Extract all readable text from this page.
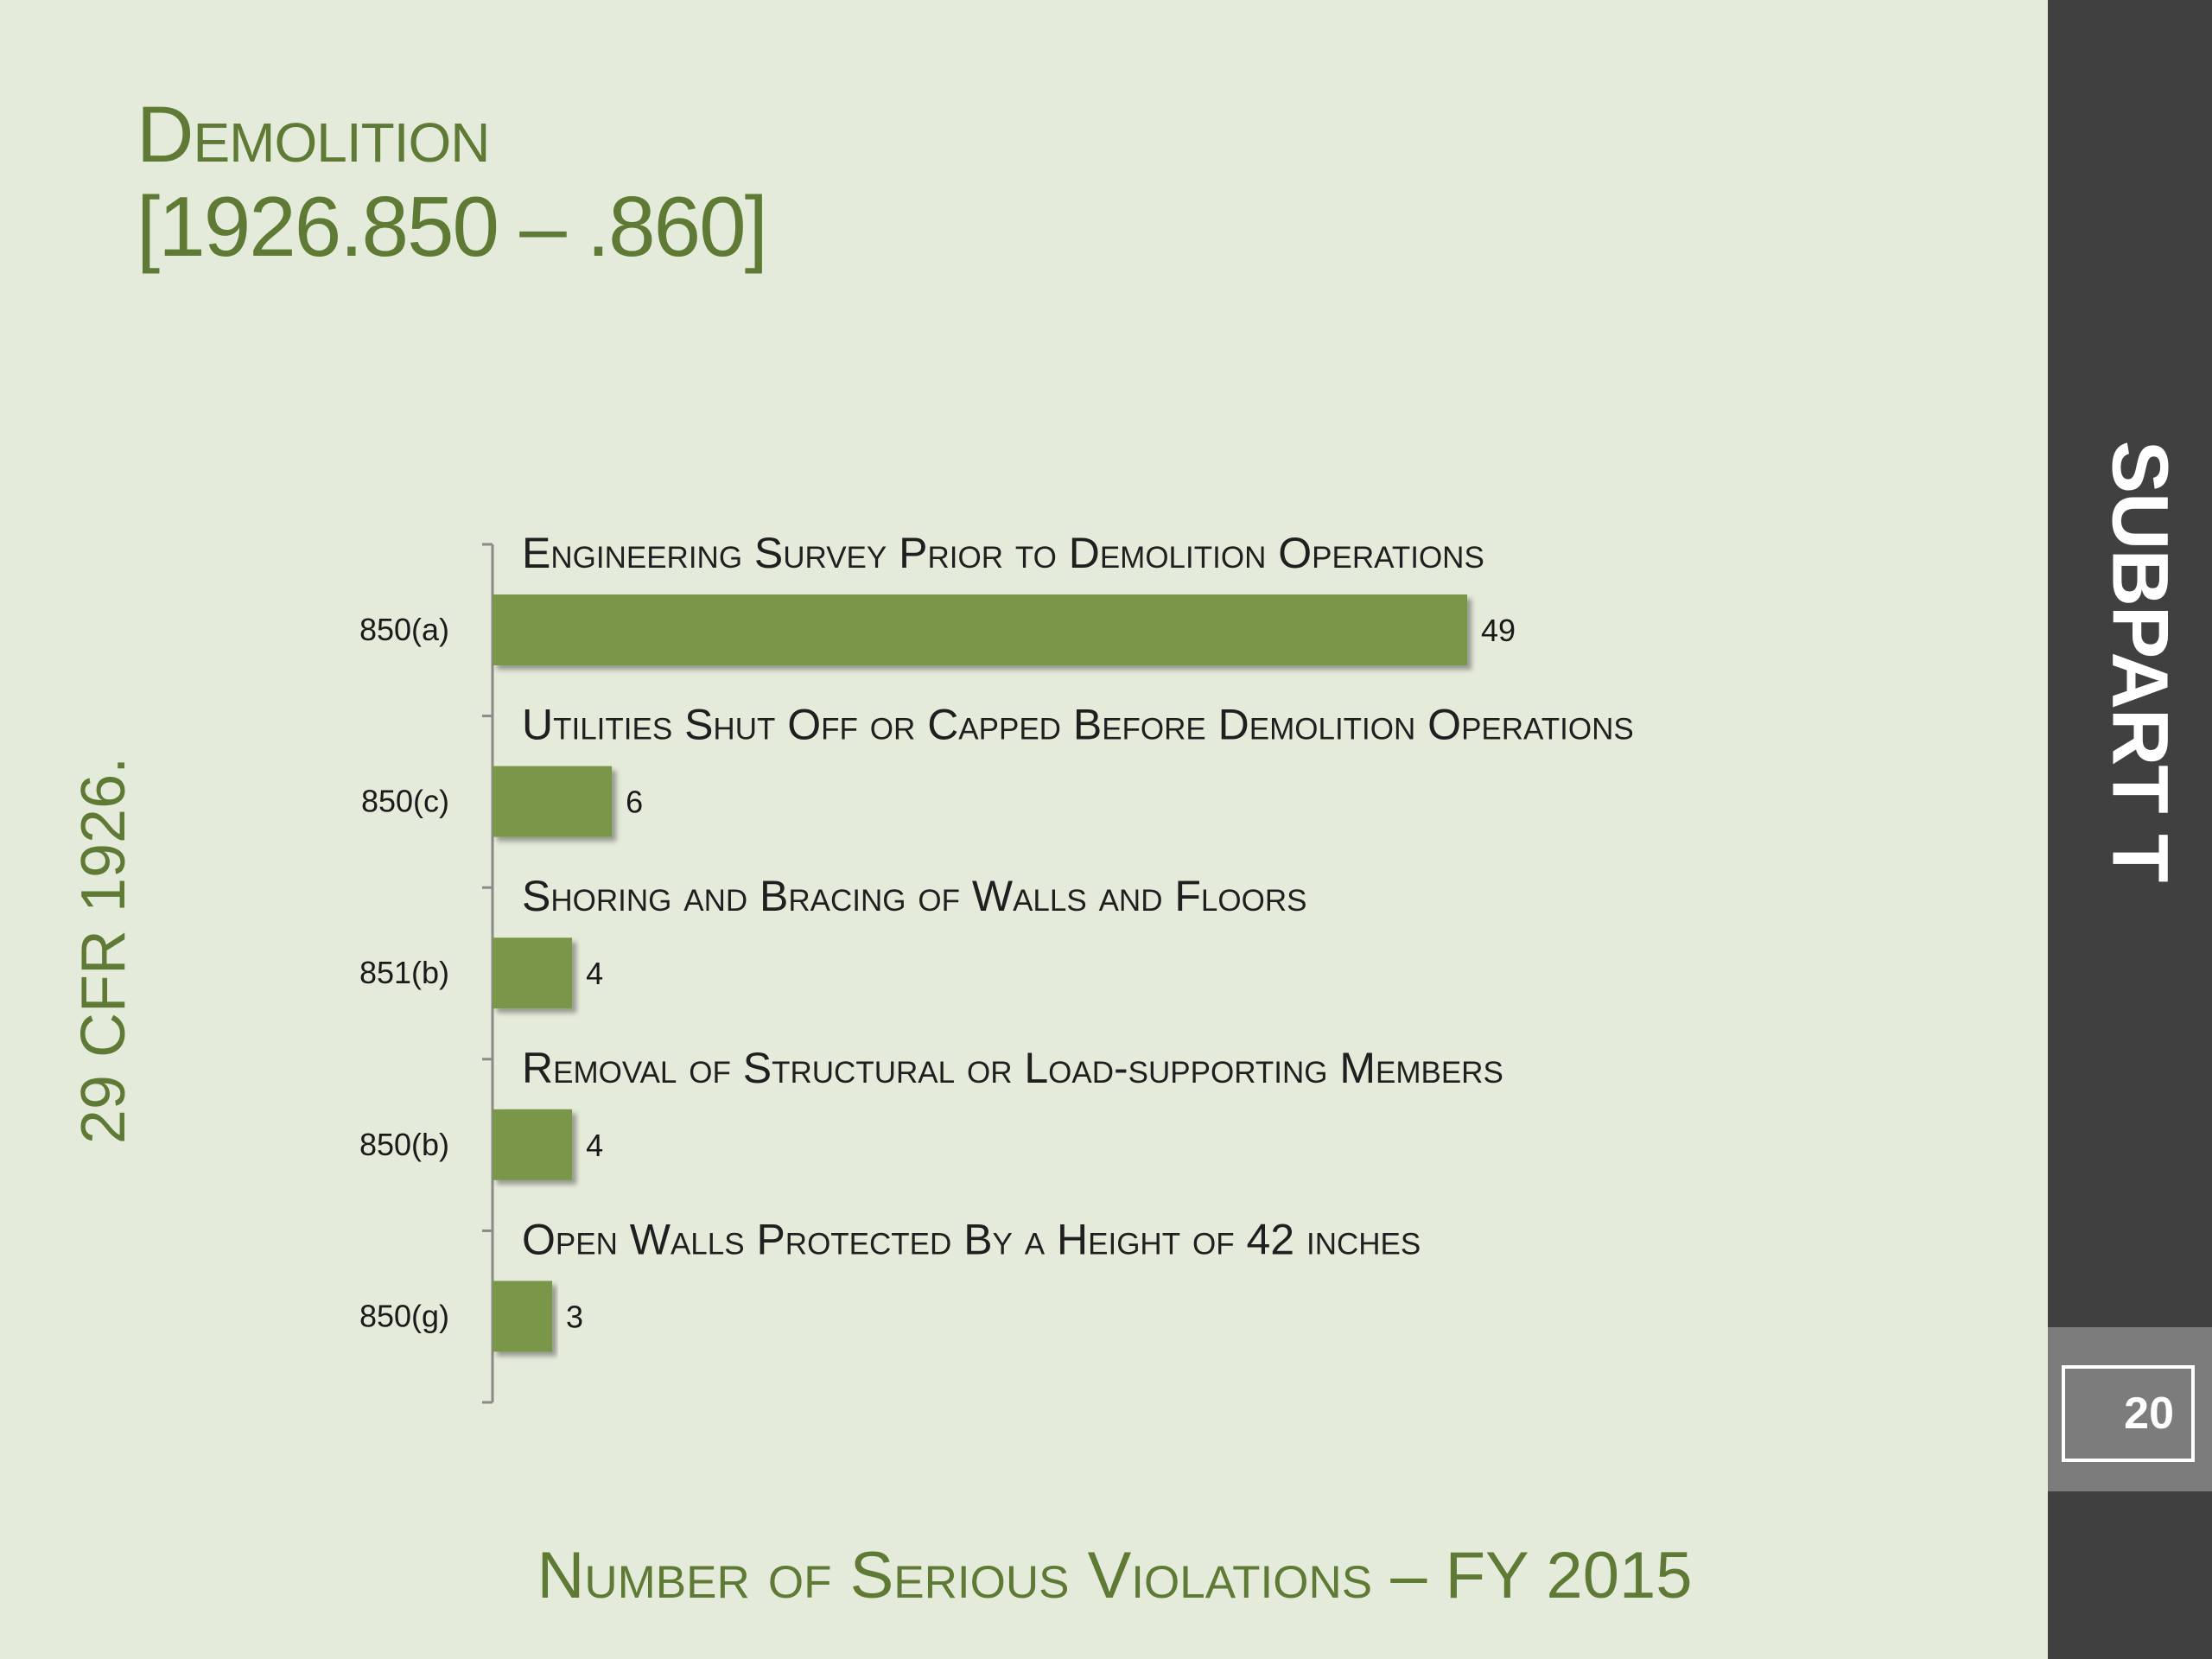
Demolition
[1926.850 – .860]
29 CFR 1926.
Engineering Survey Prior to Demolition Operations
850(a)	49
Utilities Shut Off or Capped Before Demolition Operations
850(c)	6
Shoring and Bracing of Walls and Floors
851(b)	4
Removal of Structural or Load-supporting Members
850(b)	4
Open Walls Protected By a Height of 42 inches
850(g)	3
Number of Serious Violations – FY 2015
SUBPART T
20
